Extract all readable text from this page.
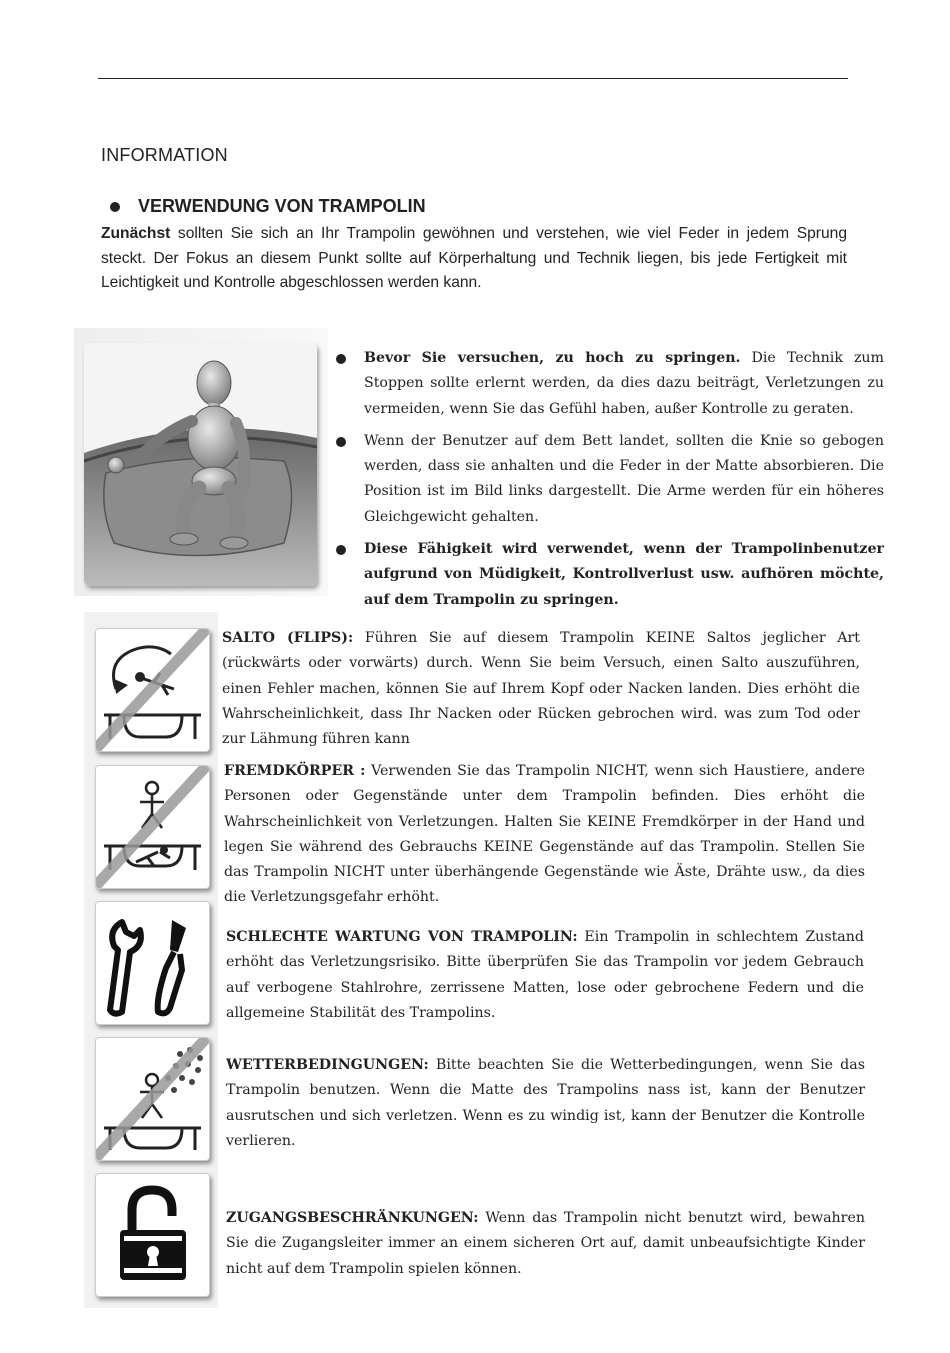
INFORMATION
VERWENDUNG VON TRAMPOLIN
Zunächst sollten Sie sich an Ihr Trampolin gewöhnen und verstehen, wie viel Feder in jedem Sprung steckt. Der Fokus an diesem Punkt sollte auf Körperhaltung und Technik liegen, bis jede Fertigkeit mit Leichtigkeit und Kontrolle abgeschlossen werden kann.
Bevor Sie versuchen, zu hoch zu springen. Die Technik zum Stoppen sollte erlernt werden, da dies dazu beiträgt, Verletzungen zu vermeiden, wenn Sie das Gefühl haben, außer Kontrolle zu geraten.
Wenn der Benutzer auf dem Bett landet, sollten die Knie so gebogen werden, dass sie anhalten und die Feder in der Matte absorbieren. Die Position ist im Bild links dargestellt. Die Arme werden für ein höheres Gleichgewicht gehalten.
Diese Fähigkeit wird verwendet, wenn der Trampolinbenutzer aufgrund von Müdigkeit, Kontrollverlust usw. aufhören möchte, auf dem Trampolin zu springen.
SALTO (FLIPS): Führen Sie auf diesem Trampolin KEINE Saltos jeglicher Art (rückwärts oder vorwärts) durch. Wenn Sie beim Versuch, einen Salto auszuführen, einen Fehler machen, können Sie auf Ihrem Kopf oder Nacken landen. Dies erhöht die Wahrscheinlichkeit, dass Ihr Nacken oder Rücken gebrochen wird. was zum Tod oder zur Lähmung führen kann
FREMDKÖRPER : Verwenden Sie das Trampolin NICHT, wenn sich Haustiere, andere Personen oder Gegenstände unter dem Trampolin befinden. Dies erhöht die Wahrscheinlichkeit von Verletzungen. Halten Sie KEINE Fremdkörper in der Hand und legen Sie während des Gebrauchs KEINE Gegenstände auf das Trampolin. Stellen Sie das Trampolin NICHT unter überhängende Gegenstände wie Äste, Drähte usw., da dies die Verletzungsgefahr erhöht.
SCHLECHTE WARTUNG VON TRAMPOLIN: Ein Trampolin in schlechtem Zustand erhöht das Verletzungsrisiko. Bitte überprüfen Sie das Trampolin vor jedem Gebrauch auf verbogene Stahlrohre, zerrissene Matten, lose oder gebrochene Federn und die allgemeine Stabilität des Trampolins.
WETTERBEDINGUNGEN: Bitte beachten Sie die Wetterbedingungen, wenn Sie das Trampolin benutzen. Wenn die Matte des Trampolins nass ist, kann der Benutzer ausrutschen und sich verletzen. Wenn es zu windig ist, kann der Benutzer die Kontrolle verlieren.
ZUGANGSBESCHRÄNKUNGEN: Wenn das Trampolin nicht benutzt wird, bewahren Sie die Zugangsleiter immer an einem sicheren Ort auf, damit unbeaufsichtigte Kinder nicht auf dem Trampolin spielen können.
